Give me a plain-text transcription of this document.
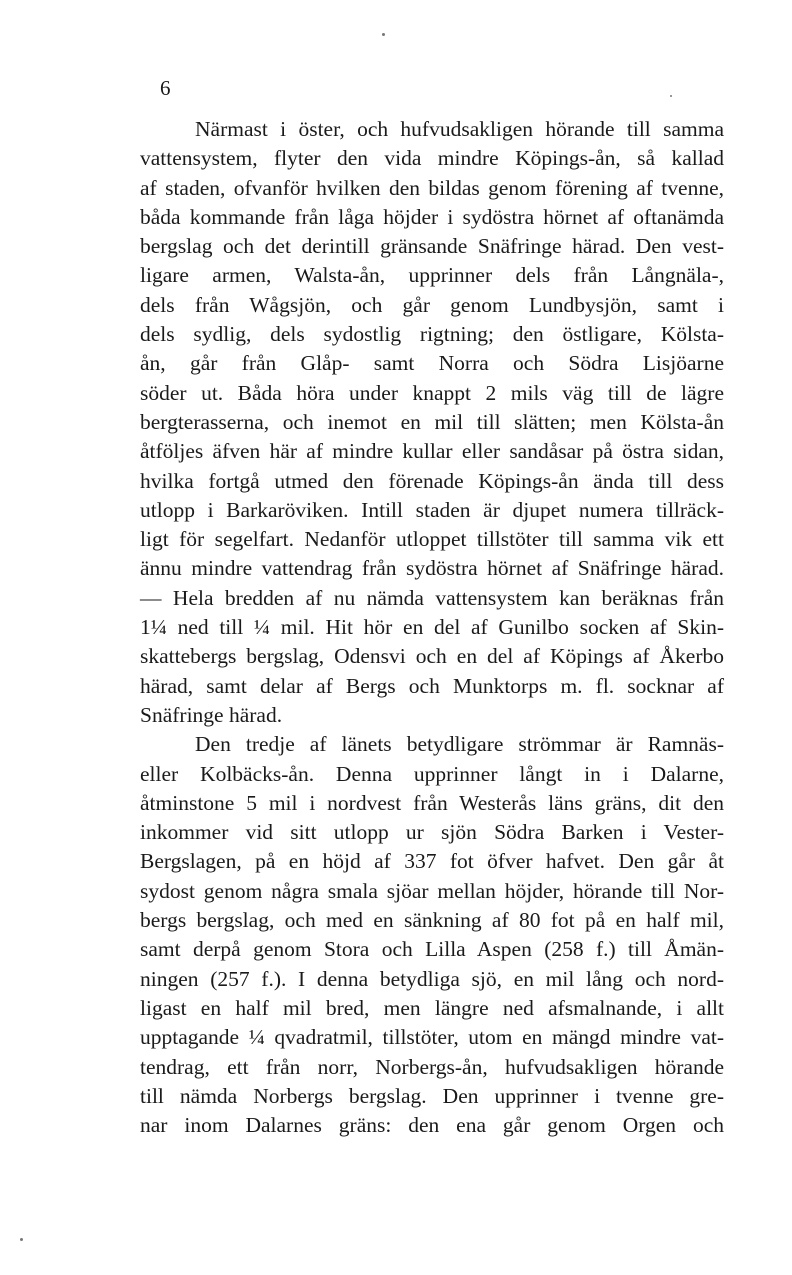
6
Närmast i öster, och hufvudsakligen hörande till samma
vattensystem, flyter den vida mindre Köpings-ån, så kallad
af staden, ofvanför hvilken den bildas genom förening af tvenne,
båda kommande från låga höjder i sydöstra hörnet af oftanämda
bergslag och det derintill gränsande Snäfringe härad. Den vest-
ligare armen, Walsta-ån, upprinner dels från Långnäla-,
dels från Wågsjön, och går genom Lundbysjön, samt i
dels sydlig, dels sydostlig rigtning; den östligare, Kölsta-
ån, går från Glåp- samt Norra och Södra Lisjöarne
söder ut. Båda höra under knappt 2 mils väg till de lägre
bergterasserna, och inemot en mil till slätten; men Kölsta-ån
åtföljes äfven här af mindre kullar eller sandåsar på östra sidan,
hvilka fortgå utmed den förenade Köpings-ån ända till dess
utlopp i Barkaröviken. Intill staden är djupet numera tillräck-
ligt för segelfart. Nedanför utloppet tillstöter till samma vik ett
ännu mindre vattendrag från sydöstra hörnet af Snäfringe härad.
— Hela bredden af nu nämda vattensystem kan beräknas från
1¼ ned till ¼ mil. Hit hör en del af Gunilbo socken af Skin-
skattebergs bergslag, Odensvi och en del af Köpings af Åkerbo
härad, samt delar af Bergs och Munktorps m. fl. socknar af
Snäfringe härad.
Den tredje af länets betydligare strömmar är Ramnäs-
eller Kolbäcks-ån. Denna upprinner långt in i Dalarne,
åtminstone 5 mil i nordvest från Westerås läns gräns, dit den
inkommer vid sitt utlopp ur sjön Södra Barken i Vester-
Bergslagen, på en höjd af 337 fot öfver hafvet. Den går åt
sydost genom några smala sjöar mellan höjder, hörande till Nor-
bergs bergslag, och med en sänkning af 80 fot på en half mil,
samt derpå genom Stora och Lilla Aspen (258 f.) till Åmän-
ningen (257 f.). I denna betydliga sjö, en mil lång och nord-
ligast en half mil bred, men längre ned afsmalnande, i allt
upptagande ¼ qvadratmil, tillstöter, utom en mängd mindre vat-
tendrag, ett från norr, Norbergs-ån, hufvudsakligen hörande
till nämda Norbergs bergslag. Den upprinner i tvenne gre-
nar inom Dalarnes gräns: den ena går genom Orgen och
